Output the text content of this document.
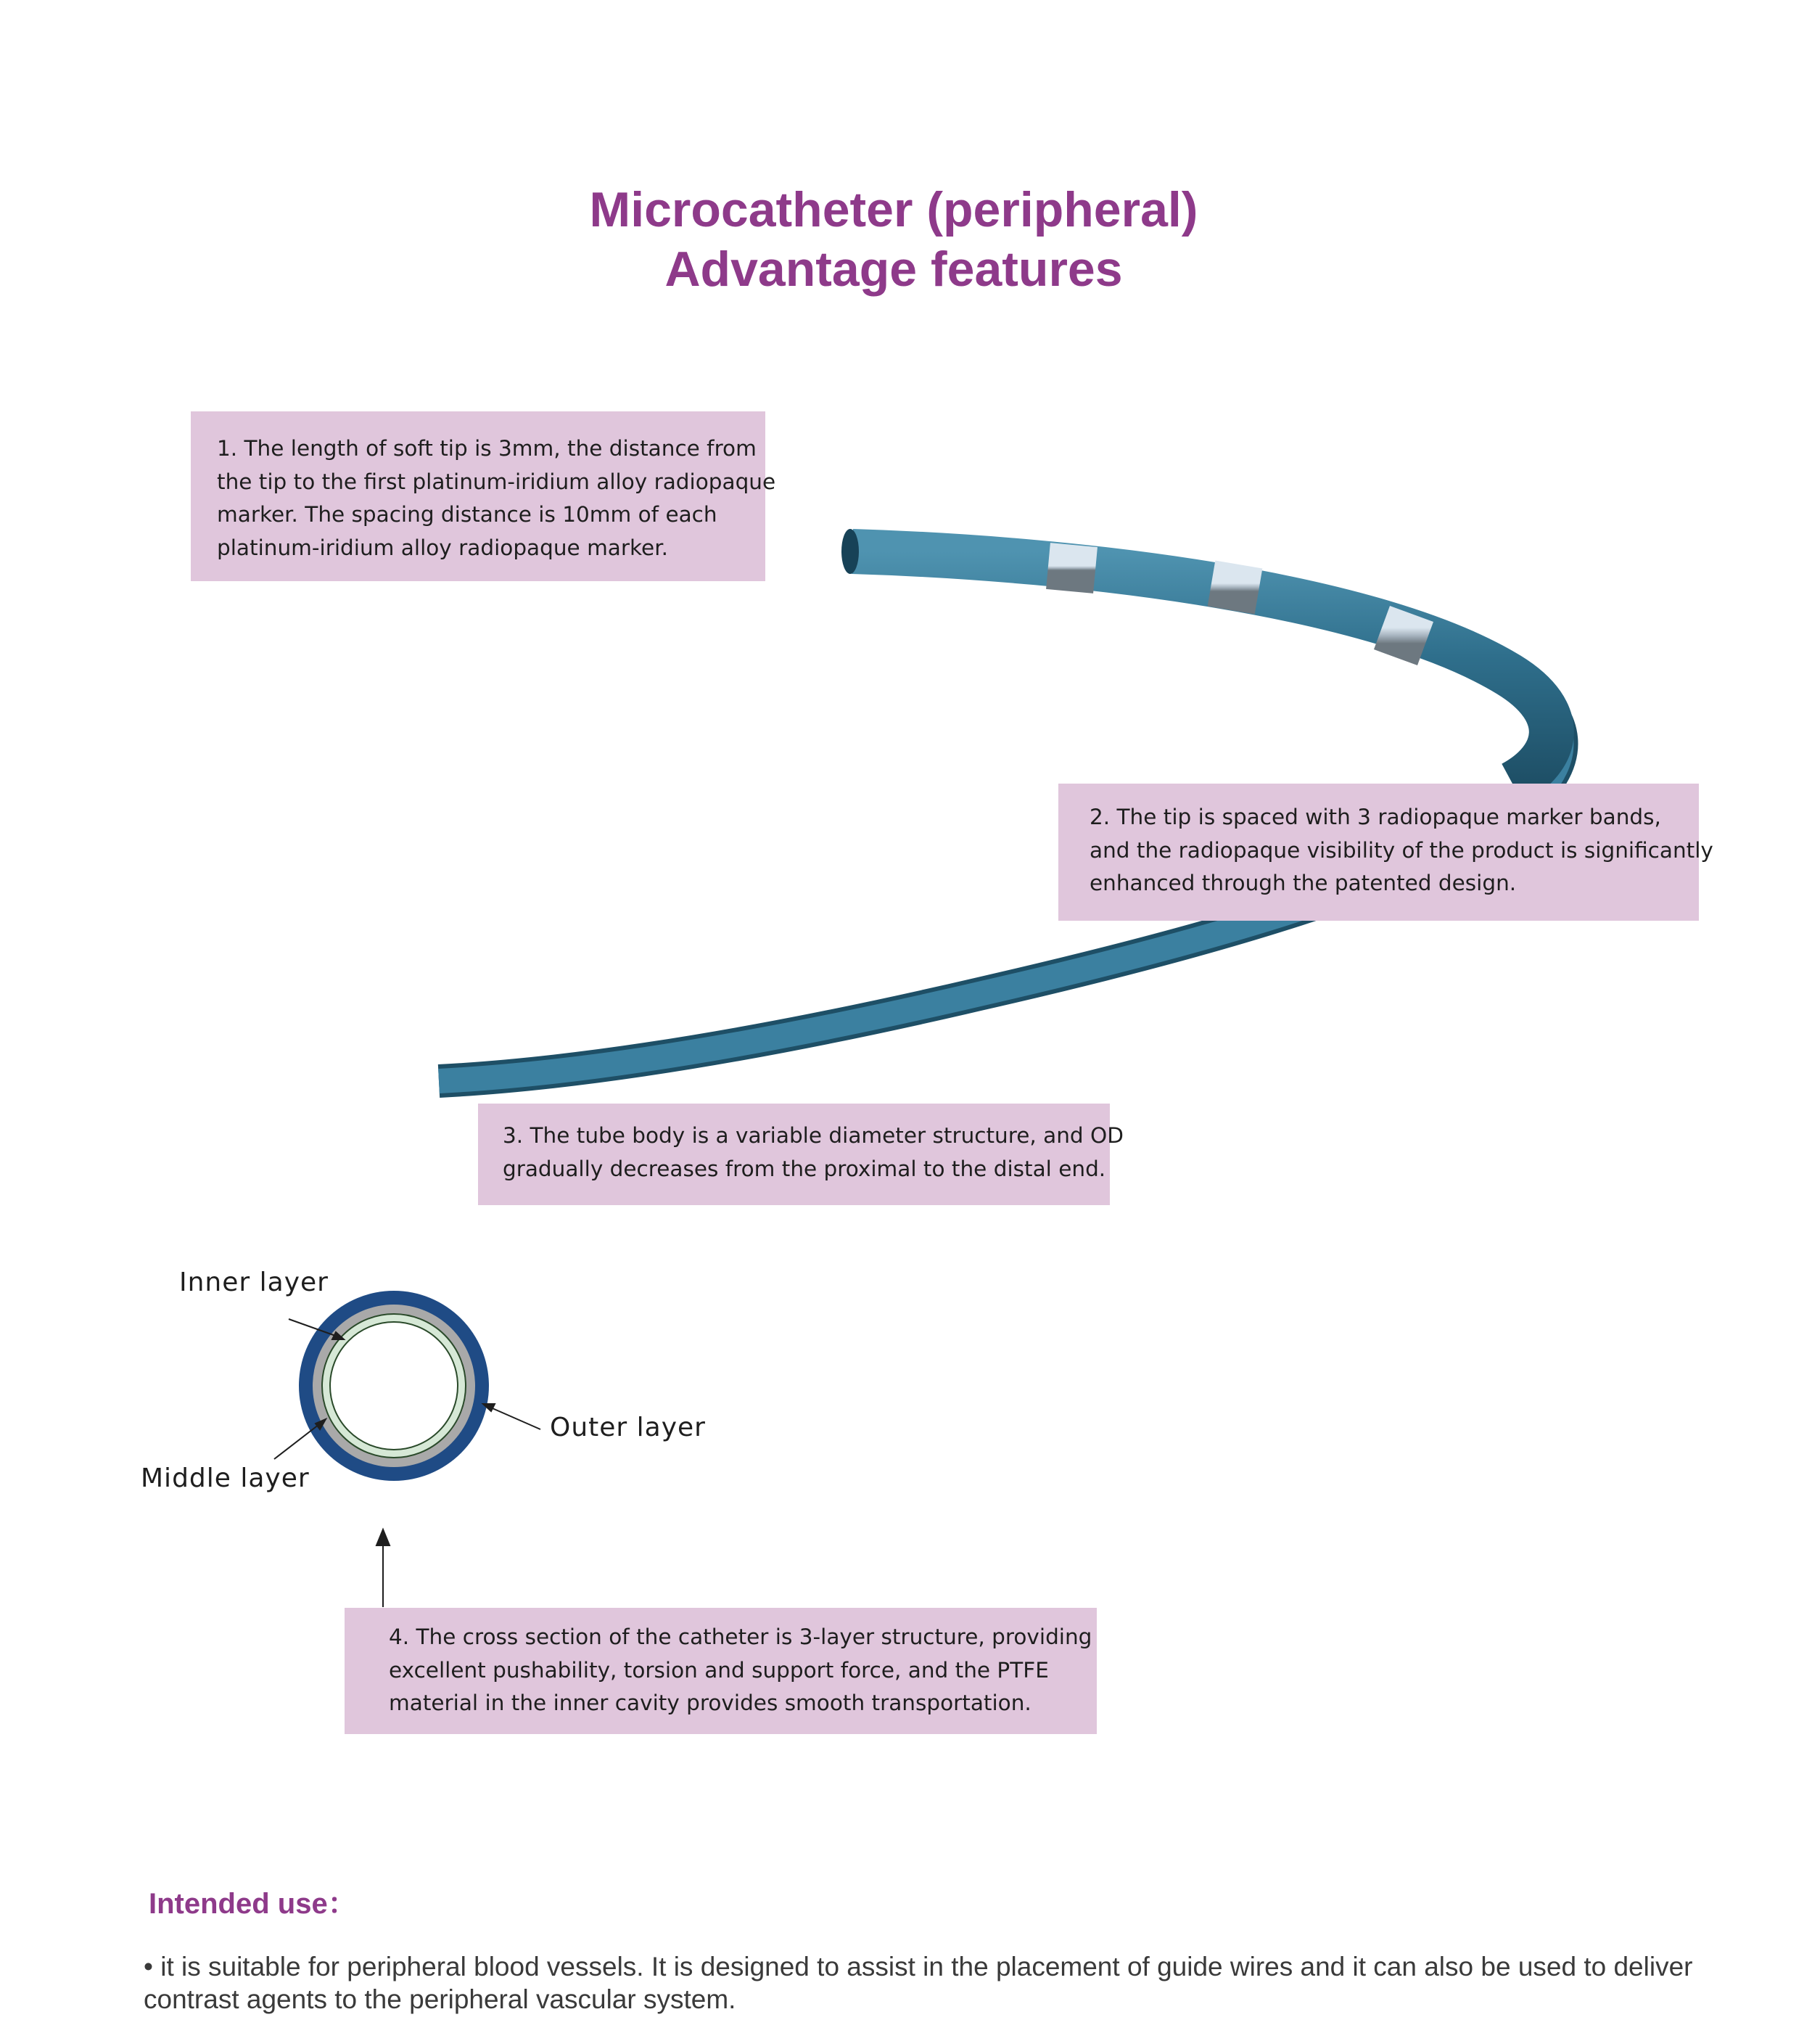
Microcatheter (peripheral)
Advantage features

1. The length of soft tip is 3mm, the distance from

the tip to the first platinum-iridium alloy radiopaque

marker. The spacing distance is 10mm of each

platinum-iridium alloy radiopaque marker.

2. The tip is spaced with 3 radiopaque marker bands,

and the radiopaque visibility of the product is significantly

enhanced through the patented design.

3. The tube body is a variable diameter structure, and OD

gradually decreases from the proximal to the distal end.

4. The cross section of the catheter is 3-layer structure, providing

excellent pushability, torsion and support force, and the PTFE

material in the inner cavity provides smooth transportation.

Inner layer
Outer layer
Middle layer
Intended use：
• it is suitable for peripheral blood vessels. It is designed to assist in the placement of guide wires and it can also be used to deliver contrast agents to the peripheral vascular system.
